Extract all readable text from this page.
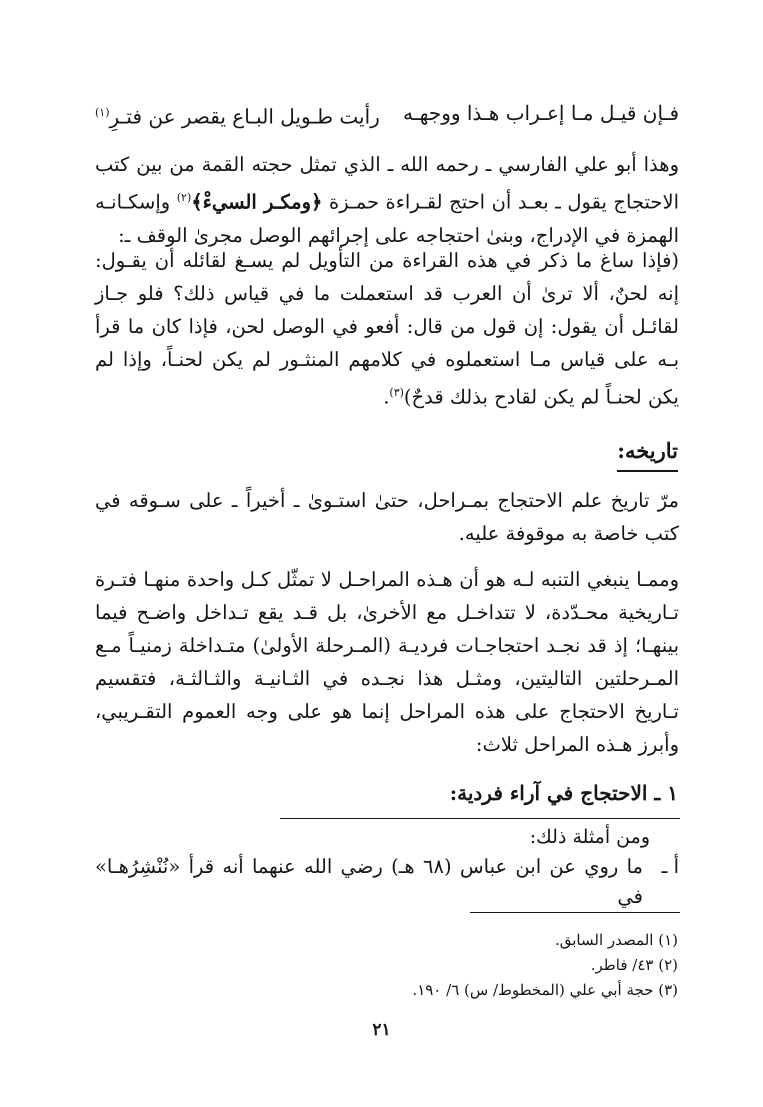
فـإن قيـل مـا إعـراب هـذا ووجهـه
رأيت طـويل البـاع يقصر عن فتـرِ$^{(١)}$
وهذا أبو علي الفارسي ـ رحمه الله ـ الذي تمثل حجته القمة من بين كتب الاحتجاج يقول ـ بعـد أن احتج لقـراءة حمـزة ﴿ومكـر السيءْ﴾$^{(٢)}$ وإسكـانـه الهمزة في الإدراج، وبنىٰ احتجاجه على إجرائهم الوصل مجرىٰ الوقف ـ:
(فإذا ساغ ما ذكر في هذه القراءة من التأويل لم يسـغ لقائله أن يقـول: إنه لحنٌ، ألا ترىٰ أن العرب قد استعملت ما في قياس ذلك؟ فلو جـاز لقائـل أن يقول: إن قول من قال: أفعو في الوصل لحن، فإذا كان ما قرأ بـه على قياس مـا استعملوه في كلامهم المنثـور لم يكن لحنـاً، وإذا لم يكن لحنـاً لم يكن لقادح بذلك قدحٌ)$^{(٣)}$.
تاريخه:
مرّ تاريخ علم الاحتجاج بمـراحل، حتىٰ استـوىٰ ـ أخيراً ـ على سـوقه في كتب خاصة به موقوفة عليه.
وممـا ينبغي التنبه لـه هو أن هـذه المراحـل لا تمثّل كـل واحدة منهـا فتـرة تـاريخية محـدّدة، لا تتداخـل مع الأخرىٰ، بل قـد يقع تـداخل واضـح فيما بينهـا؛ إذ قد نجـد احتجاجـات فرديـة (المـرحلة الأولىٰ) متـداخلة زمنيـاً مـع المـرحلتين التاليتين، ومثـل هذا نجـده في الثـانيـة والثـالثـة، فتقسيم تـاريخ الاحتجاج على هذه المراحل إنما هو على وجه العموم التقـريبي، وأبرز هـذه المراحل ثلاث:
١ ـ الاحتجاج في آراء فردية:
ومن أمثلة ذلك:
أ ـ
ما روي عن ابن عباس (٦٨ هـ) رضي الله عنهما أنه قرأ «نُنْشِرُهـا» في
(١) المصدر السابق.
(٢) ٤٣/ فاطر.
(٣) حجة أبي علي (المخطوط/ س) ٦/ ١٩٠.
٢١
